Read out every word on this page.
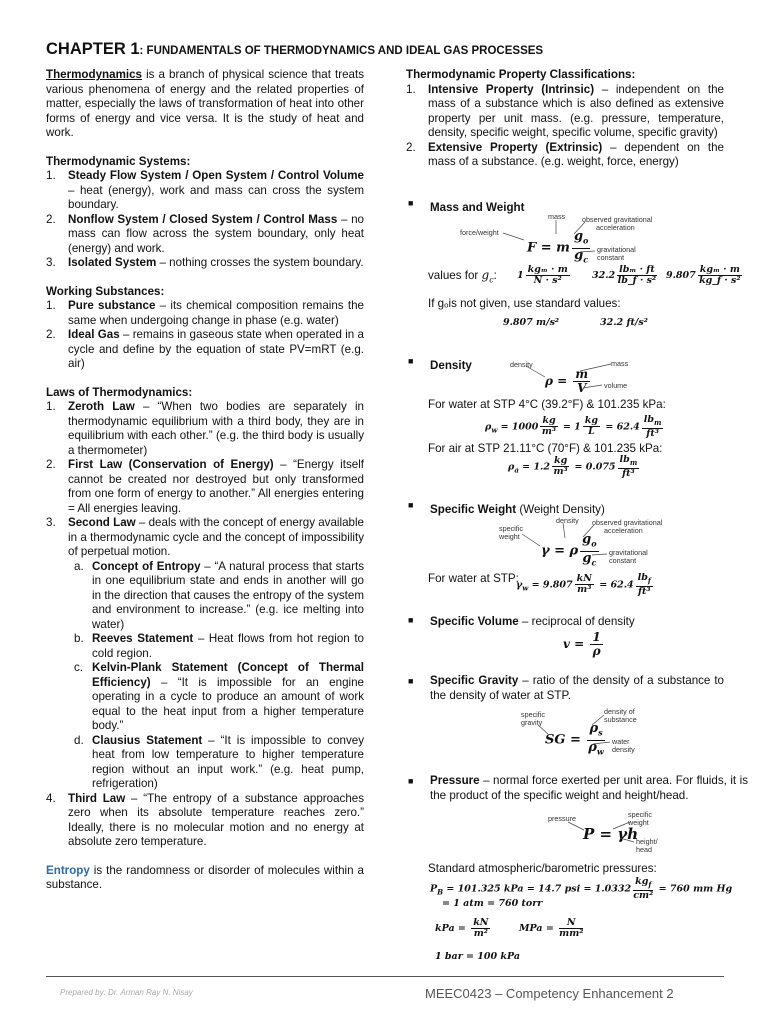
CHAPTER 1: FUNDAMENTALS OF THERMODYNAMICS AND IDEAL GAS PROCESSES
Thermodynamics is a branch of physical science that treats various phenomena of energy and the related properties of matter, especially the laws of transformation of heat into other forms of energy and vice versa. It is the study of heat and work.
Thermodynamic Systems:
1. Steady Flow System / Open System / Control Volume – heat (energy), work and mass can cross the system boundary.
2. Nonflow System / Closed System / Control Mass – no mass can flow across the system boundary, only heat (energy) and work.
3. Isolated System – nothing crosses the system boundary.
Working Substances:
1. Pure substance – its chemical composition remains the same when undergoing change in phase (e.g. water)
2. Ideal Gas – remains in gaseous state when operated in a cycle and define by the equation of state PV=mRT (e.g. air)
Laws of Thermodynamics:
1. Zeroth Law – “When two bodies are separately in thermodynamic equilibrium with a third body, they are in equilibrium with each other.” (e.g. the third body is usually a thermometer)
2. First Law (Conservation of Energy) – “Energy itself cannot be created nor destroyed but only transformed from one form of energy to another.” All energies entering = All energies leaving.
3. Second Law – deals with the concept of energy available in a thermodynamic cycle and the concept of impossibility of perpetual motion.
a. Concept of Entropy – “A natural process that starts in one equilibrium state and ends in another will go in the direction that causes the entropy of the system and environment to increase.” (e.g. ice melting into water)
b. Reeves Statement – Heat flows from hot region to cold region.
c. Kelvin-Plank Statement (Concept of Thermal Efficiency) – “It is impossible for an engine operating in a cycle to produce an amount of work equal to the heat input from a higher temperature body.”
d. Clausius Statement – “It is impossible to convey heat from low temperature to higher temperature region without an input work.” (e.g. heat pump, refrigeration)
4. Third Law – “The entropy of a substance approaches zero when its absolute temperature reaches zero.” Ideally, there is no molecular motion and no energy at absolute zero temperature.
Entropy is the randomness or disorder of molecules within a substance.
Thermodynamic Property Classifications:
1. Intensive Property (Intrinsic) – independent on the mass of a substance which is also defined as extensive property per unit mass. (e.g. pressure, temperature, density, specific weight, specific volume, specific gravity)
2. Extensive Property (Extrinsic) – dependent on the mass of a substance. (e.g. weight, force, energy)
■ Mass and Weight
mass observed gravitational
acceleration
force/weight
gravitational
constant
F = m $\frac{g_o}{g_c}$
values for $g_c$: $1 \frac{\text{kgₘ · m}}{\text{N · s²}} 32.2 \frac{\text{lbₘ · ft}}{\text{lb\_f · s²}} 9.807 \frac{\text{kgₘ · m}}{\text{kg\_f · s²}}$
If gₒis not given, use standard values:
9.807 m/s²	32.2 ft/s²
■ Density	density	mass
volume
$\rho = \frac{m}{V}$
For water at STP 4°C (39.2°F) & 101.235 kPa:
$\rho_w = 1000 \frac{kg}{\text{m³}} = 1 \frac{kg}{L} = 62.4 \frac{lb_m}{\text{ft³}}$
For air at STP 21.11°C (70°F) & 101.235 kPa:
$\rho_a = 1.2 \frac{kg}{\text{m³}} = 0.075 \frac{lb_m}{\text{ft³}}$
■ Specific Weight (Weight Density)
density observed gravitational
acceleration
specific
weight
gravitational
constant
γ = ρ $\frac{g_o}{g_c}$
For water at STP:
$\gamma_w = 9.807 \frac{kN}{\text{m³}} = 62.4 \frac{lb_f}{\text{ft³}}$
■ Specific Volume – reciprocal of density
$v = \frac{1}{\rho}$
■ Specific Gravity – ratio of the density of a substance to the density of water at STP.
specific
gravity
density of
substance
water
density
SG = $\frac{\rho_s}{\rho_w}$
■ Pressure – normal force exerted per unit area. For fluids, it is the product of the specific weight and height/head.
pressure	specific
weight
height/
head
P = γh
Standard atmospheric/barometric pressures:
$P_B = 101.325$ kPa = 14.7 psi = $1.0332 \frac{kg_f}{\text{cm²}} = 760$ mm Hg
= 1 atm = 760 torr
kPa = $\frac{kN}{\text{m²}}$	MPa = $\frac{N}{\text{mm²}}$
1 bar = 100 kPa
Prepared by: Dr. Arman Ray N. Nisay	MEEC0423 – Competency Enhancement 2
